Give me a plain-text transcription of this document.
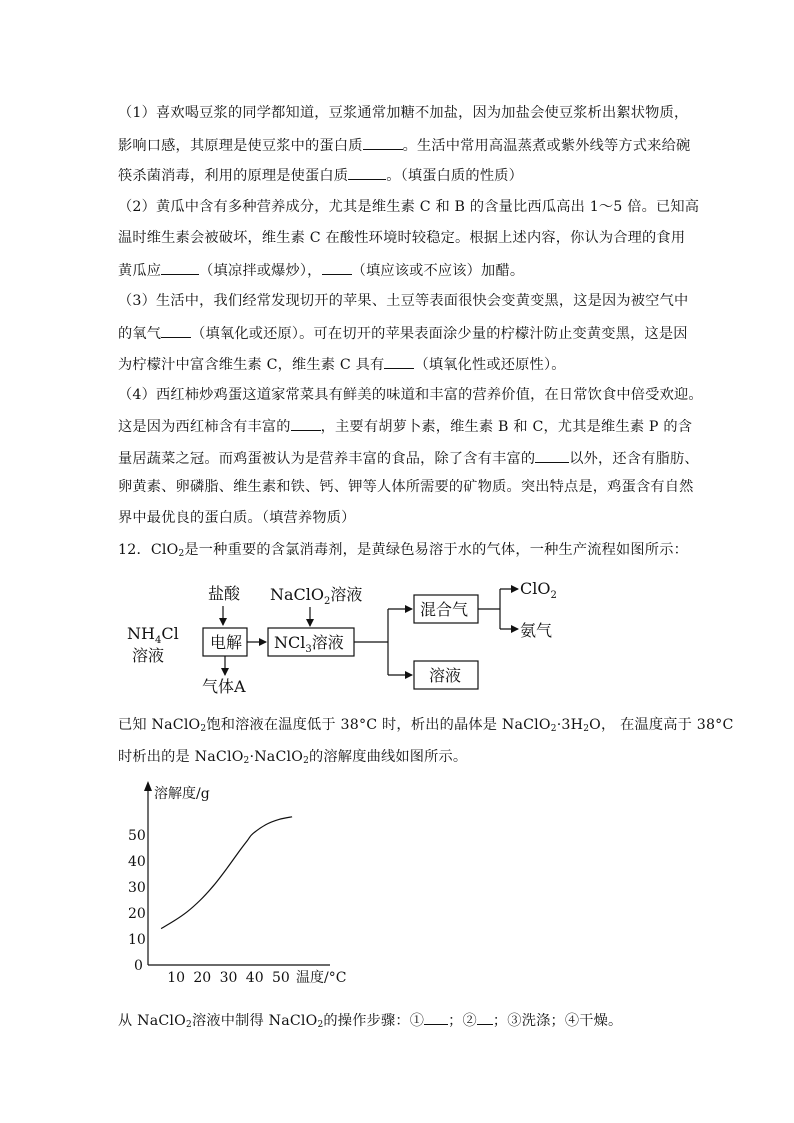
（1）喜欢喝豆浆的同学都知道，豆浆通常加糖不加盐，因为加盐会使豆浆析出絮状物质，
影响口感，其原理是使豆浆中的蛋白质	。生活中常用高温蒸煮或紫外线等方式来给碗
筷杀菌消毒，利用的原理是使蛋白质	。（填蛋白质的性质）
（2）黄瓜中含有多种营养成分，尤其是维生素 C 和 B 的含量比西瓜高出 1～5 倍。已知高
温时维生素会被破坏，维生素 C 在酸性环境时较稳定。根据上述内容，你认为合理的食用
黄瓜应	（填凉拌或爆炒）， （填应该或不应该）加醋。
（3）生活中，我们经常发现切开的苹果、土豆等表面很快会变黄变黑，这是因为被空气中
的氧气 （填氧化或还原）。可在切开的苹果表面涂少量的柠檬汁防止变黄变黑，这是因
为柠檬汁中富含维生素 C，维生素 C 具有 （填氧化性或还原性）。
（4）西红柿炒鸡蛋这道家常菜具有鲜美的味道和丰富的营养价值，在日常饮食中倍受欢迎。
这是因为西红柿含有丰富的 ，主要有胡萝卜素，维生素 B 和 C，尤其是维生素 P 的含
量居蔬菜之冠。而鸡蛋被认为是营养丰富的食品，除了含有丰富的 以外，还含有脂肪、
卵黄素、卵磷脂、维生素和铁、钙、钾等人体所需要的矿物质。突出特点是，鸡蛋含有自然
界中最优良的蛋白质。（填营养物质）
12．ClO$_2$是一种重要的含氯消毒剂，是黄绿色易溶于水的气体，一种生产流程如图所示：
盐酸 NaClO$_2$溶液
$NH_4Cl$
溶液
电解
气体A
NCl$_3$溶液
混合气
溶液
ClO$_2$
氨气
已知 NaClO$_2$饱和溶液在温度低于 38°C 时，析出的晶体是 $NaClO_2\cdot 3H_2O$， 在温度高于 38°C
时析出的是 NaClO$_2$·NaClO$_2$的溶解度曲线如图所示。
溶解度/g
温度/°C
10 20 30 40 50
0
10
20
30
40
50
从 NaClO$_2$溶液中制得 NaClO$_2$的操作步骤：① ；② ；③洗涤；④干燥。
